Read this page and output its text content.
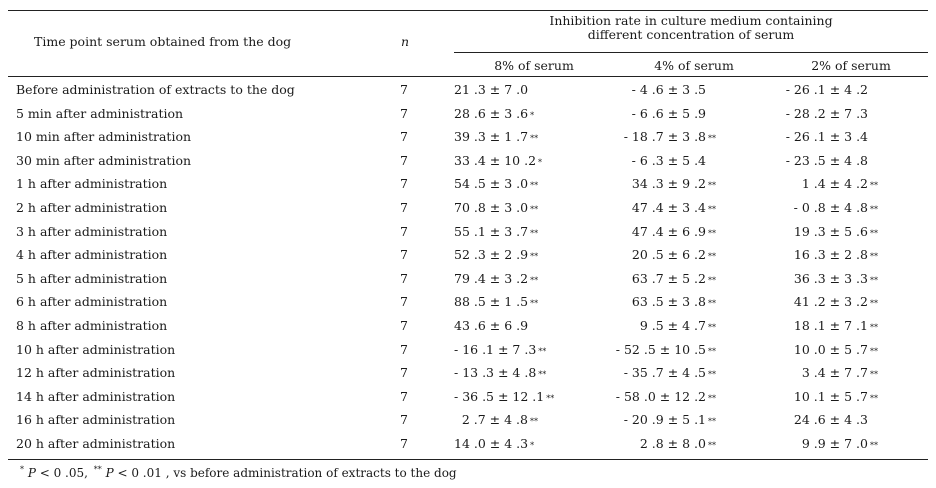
Time point serum obtained from the dog	n
Inhibition rate in culture medium containing
different concentration of serum
8% of serum	4% of serum	2% of serum
Before administration of extracts to the dog	7	21 .3 ± 7 .0	- 4 .6 ± 3 .5	- 26 .1 ± 4 .2
5 min after administration	7	28 .6 ± 3 .6 *	- 6 .6 ± 5 .9	- 28 .2 ± 7 .3
10 min after administration	7	39 .3 ± 1 .7 **	- 18 .7 ± 3 .8 **	- 26 .1 ± 3 .4
30 min after administration	7	33 .4 ± 10 .2 *	- 6 .3 ± 5 .4	- 23 .5 ± 4 .8
1 h after administration	7	54 .5 ± 3 .0 **	34 .3 ± 9 .2 **	1 .4 ± 4 .2 **
2 h after administration	7	70 .8 ± 3 .0 **	47 .4 ± 3 .4 **	- 0 .8 ± 4 .8 **
3 h after administration	7	55 .1 ± 3 .7 **	47 .4 ± 6 .9 **	19 .3 ± 5 .6 **
4 h after administration	7	52 .3 ± 2 .9 **	20 .5 ± 6 .2 **	16 .3 ± 2 .8 **
5 h after administration	7	79 .4 ± 3 .2 **	63 .7 ± 5 .2 **	36 .3 ± 3 .3 **
6 h after administration	7	88 .5 ± 1 .5 **	63 .5 ± 3 .8 **	41 .2 ± 3 .2 **
8 h after administration	7	43 .6 ± 6 .9	9 .5 ± 4 .7 **	18 .1 ± 7 .1 **
10 h after administration	7	- 16 .1 ± 7 .3 **	- 52 .5 ± 10 .5 **	10 .0 ± 5 .7 **
12 h after administration	7	- 13 .3 ± 4 .8 **	- 35 .7 ± 4 .5 **	3 .4 ± 7 .7 **
14 h after administration	7	- 36 .5 ± 12 .1 **	- 58 .0 ± 12 .2 **	10 .1 ± 5 .7 **
16 h after administration	7	2 .7 ± 4 .8 **	- 20 .9 ± 5 .1 **	24 .6 ± 4 .3
20 h after administration	7	14 .0 ± 4 .3 *	2 .8 ± 8 .0 **	9 .9 ± 7 .0 **
* P < 0 .05, ** P < 0 .01 , vs before administration of extracts to the dog
